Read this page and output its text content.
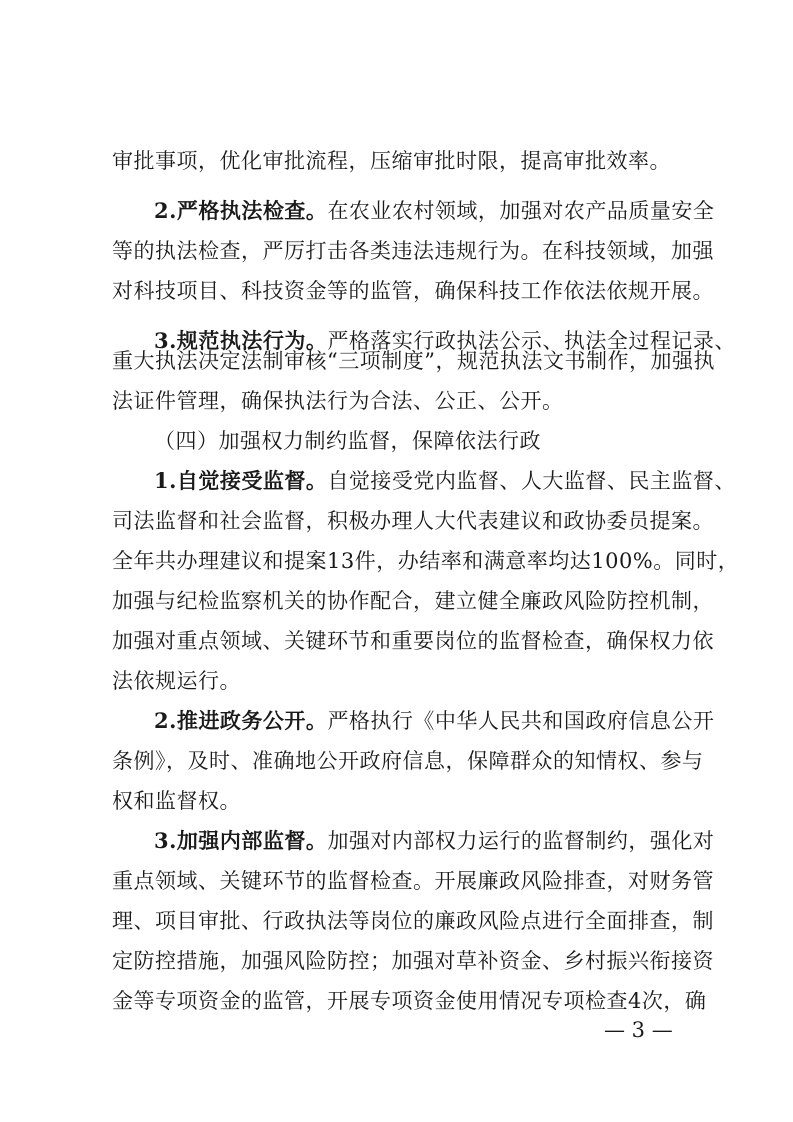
审批事项，优化审批流程，压缩审批时限，提高审批效率。
2.严格执法检查。在农业农村领域，加强对农产品质量安全
等的执法检查，严厉打击各类违法违规行为。在科技领域，加强
对科技项目、科技资金等的监管，确保科技工作依法依规开展。
3.规范执法行为。严格落实行政执法公示、执法全过程记录、
重大执法决定法制审核“三项制度”，规范执法文书制作，加强执
法证件管理，确保执法行为合法、公正、公开。
（四）加强权力制约监督，保障依法行政
1.自觉接受监督。自觉接受党内监督、人大监督、民主监督、
司法监督和社会监督，积极办理人大代表建议和政协委员提案。
全年共办理建议和提案13件，办结率和满意率均达100%。同时，
加强与纪检监察机关的协作配合，建立健全廉政风险防控机制，
加强对重点领域、关键环节和重要岗位的监督检查，确保权力依
法依规运行。
2.推进政务公开。严格执行《中华人民共和国政府信息公开
条例》，及时、准确地公开政府信息，保障群众的知情权、参与
权和监督权。
3.加强内部监督。加强对内部权力运行的监督制约，强化对
重点领域、关键环节的监督检查。开展廉政风险排查，对财务管
理、项目审批、行政执法等岗位的廉政风险点进行全面排查，制
定防控措施，加强风险防控；加强对草补资金、乡村振兴衔接资
金等专项资金的监管，开展专项资金使用情况专项检查4次，确
— 3 —
